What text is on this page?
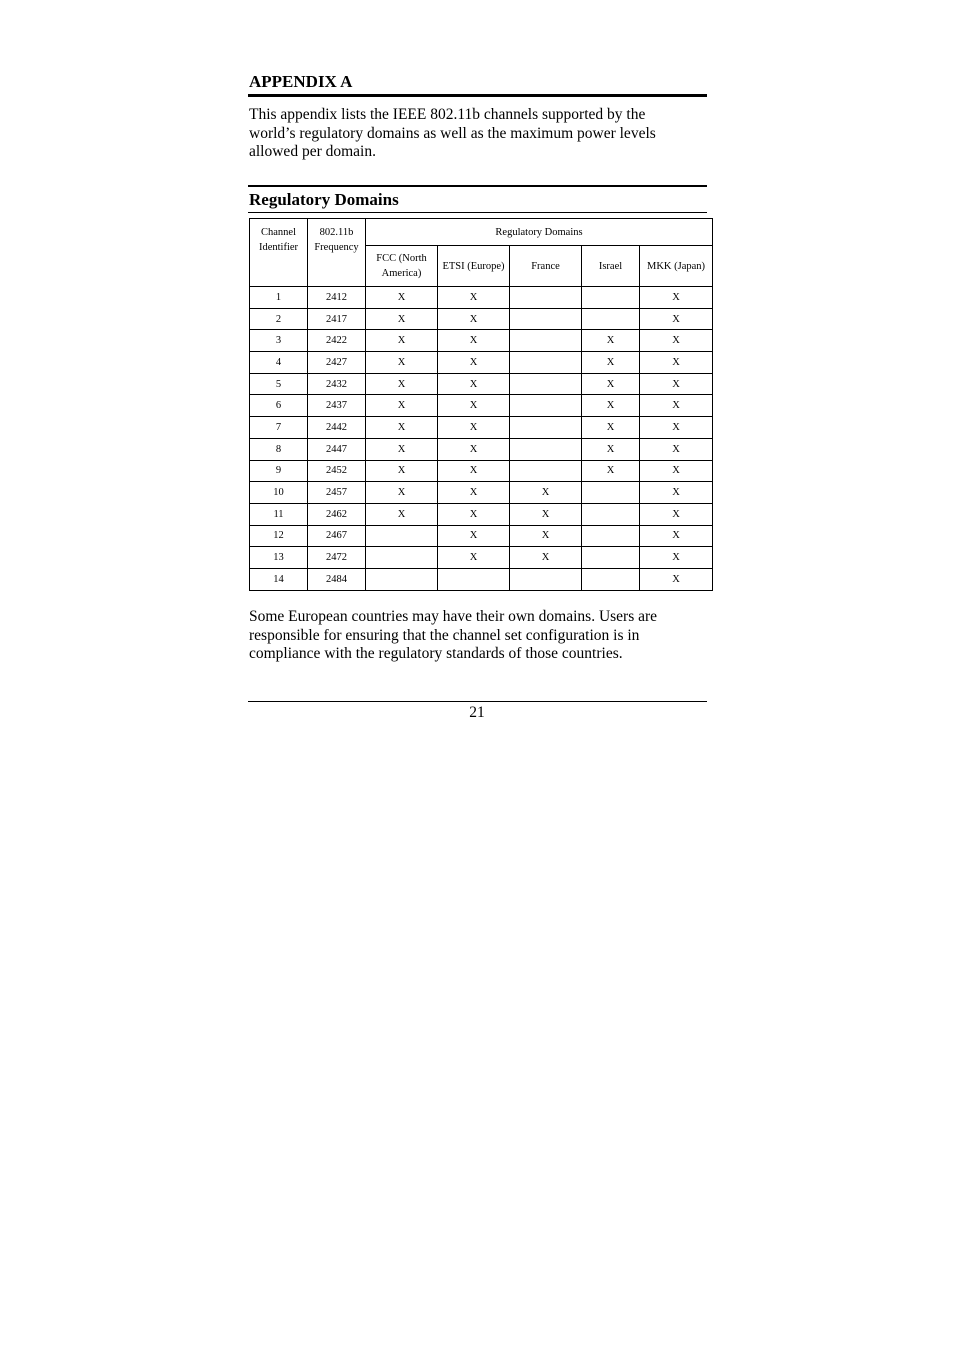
APPENDIX A

This appendix lists the IEEE 802.11b channels supported by the world’s regulatory domains as well as the maximum power levels allowed per domain.

Regulatory Domains
Channel Identifier	802.11b Frequency	Regulatory Domains				
		FCC (North America)	ETSI (Europe)	France	Israel	MKK (Japan)
1	2412	X	X			X
2	2417	X	X			X
3	2422	X	X		X	X
4	2427	X	X		X	X
5	2432	X	X		X	X
6	2437	X	X		X	X
7	2442	X	X		X	X
8	2447	X	X		X	X
9	2452	X	X		X	X
10	2457	X	X	X		X
11	2462	X	X	X		X
12	2467		X	X		X
13	2472		X	X		X
14	2484					X

Some European countries may have their own domains. Users are responsible for ensuring that the channel set configuration is in compliance with the regulatory standards of those countries.

21
